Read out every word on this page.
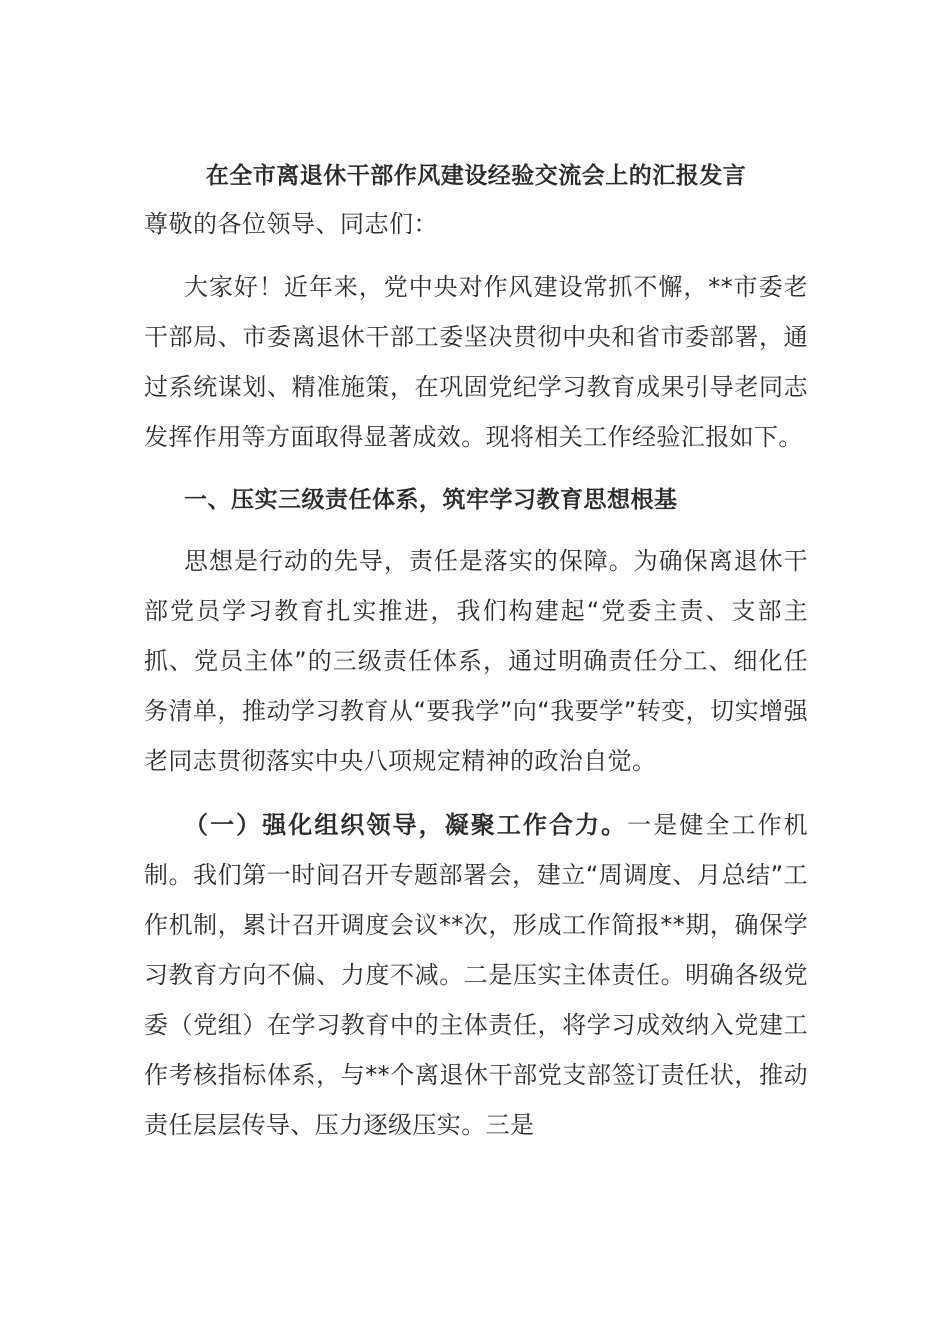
在全市离退休干部作风建设经验交流会上的汇报发言

尊敬的各位领导、同志们：

大家好！近年来，党中央对作风建设常抓不懈，**市委老干部局、市委离退休干部工委坚决贯彻中央和省市委部署，通过系统谋划、精准施策，在巩固党纪学习教育成果引导老同志发挥作用等方面取得显著成效。现将相关工作经验汇报如下。

一、压实三级责任体系，筑牢学习教育思想根基

思想是行动的先导，责任是落实的保障。为确保离退休干部党员学习教育扎实推进，我们构建起“党委主责、支部主抓、党员主体”的三级责任体系，通过明确责任分工、细化任务清单，推动学习教育从“要我学”向“我要学”转变，切实增强老同志贯彻落实中央八项规定精神的政治自觉。

（一）强化组织领导，凝聚工作合力。一是健全工作机制。我们第一时间召开专题部署会，建立“周调度、月总结”工作机制，累计召开调度会议**次，形成工作简报**期，确保学习教育方向不偏、力度不减。二是压实主体责任。明确各级党委（党组）在学习教育中的主体责任，将学习成效纳入党建工作考核指标体系，与**个离退休干部党支部签订责任状，推动责任层层传导、压力逐级压实。三是
